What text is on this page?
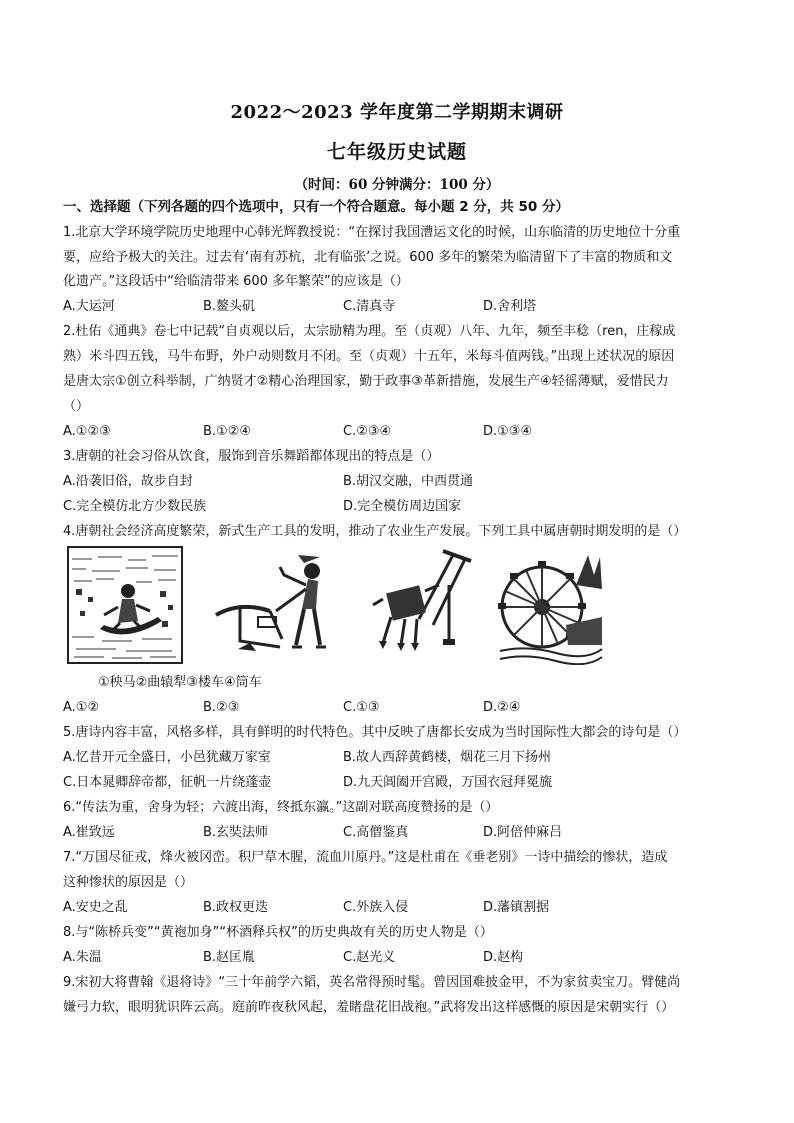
2022～2023 学年度第二学期期末调研
七年级历史试题
（时间：60 分钟满分：100 分）
一、选择题（下列各题的四个选项中，只有一个符合题意。每小题 2 分，共 50 分）
1.北京大学环境学院历史地理中心韩光辉教授说：“在探讨我国漕运文化的时候，山东临清的历史地位十分重
要，应给予极大的关注。过去有‘南有苏杭，北有临张’之说。600 多年的繁荣为临清留下了丰富的物质和文
化遗产。”这段话中“给临清带来 600 多年繁荣”的应该是（）
A.大运河	B.鳌头矶	C.清真寺	D.舍利塔
2.杜佑《通典》卷七中记载“自贞观以后，太宗励精为理。至（贞观）八年、九年，频至丰稔（ren，庄稼成
熟）米斗四五钱，马牛布野，外户动则数月不闭。至（贞观）十五年，米每斗值两钱。”出现上述状况的原因
是唐太宗①创立科举制，广纳贤才②精心治理国家，勤于政事③革新措施，发展生产④轻徭薄赋，爱惜民力
（）
A.①②③	B.①②④	C.②③④	D.①③④
3.唐朝的社会习俗从饮食，服饰到音乐舞蹈都体现出的特点是（）
A.沿袭旧俗，故步自封	B.胡汉交融，中西贯通
C.完全模仿北方少数民族	D.完全模仿周边国家
4.唐朝社会经济高度繁荣，新式生产工具的发明，推动了农业生产发展。下列工具中属唐朝时期发明的是（）
①秧马②曲辕犁③楼车④筒车
A.①②	B.②③	C.①③	D.②④
5.唐诗内容丰富，风格多样，具有鲜明的时代特色。其中反映了唐都长安成为当时国际性大都会的诗句是（）
A.忆昔开元全盛日，小邑犹藏万家室	B.故人西辞黄鹤楼，烟花三月下扬州
C.日本晁卿辞帝都，征帆一片绕蓬壶	D.九天阊阖开宫殿，万国衣冠拜冕旒
6.“传法为重，舍身为轻；六渡出海，终抵东瀛。”这副对联高度赞扬的是（）
A.崔致远	B.玄奘法师	C.高僧鉴真	D.阿倍仲麻吕
7.“万国尽征戎，烽火被冈峦。积尸草木腥，流血川原丹。”这是杜甫在《垂老别》一诗中描绘的惨状，造成
这种惨状的原因是（）
A.安史之乱	B.政权更迭	C.外族入侵	D.藩镇割据
8.与“陈桥兵变”“黄袍加身”“杯酒释兵权”的历史典故有关的历史人物是（）
A.朱温	B.赵匡胤	C.赵光义	D.赵构
9.宋初大将曹翰《退将诗》“三十年前学六韬，英名常得预时髦。曾因国难披金甲，不为家贫卖宝刀。臂健尚
嫌弓力软，眼明犹识阵云高。庭前昨夜秋风起，羞睹盘花旧战袍。”武将发出这样感慨的原因是宋朝实行（）
